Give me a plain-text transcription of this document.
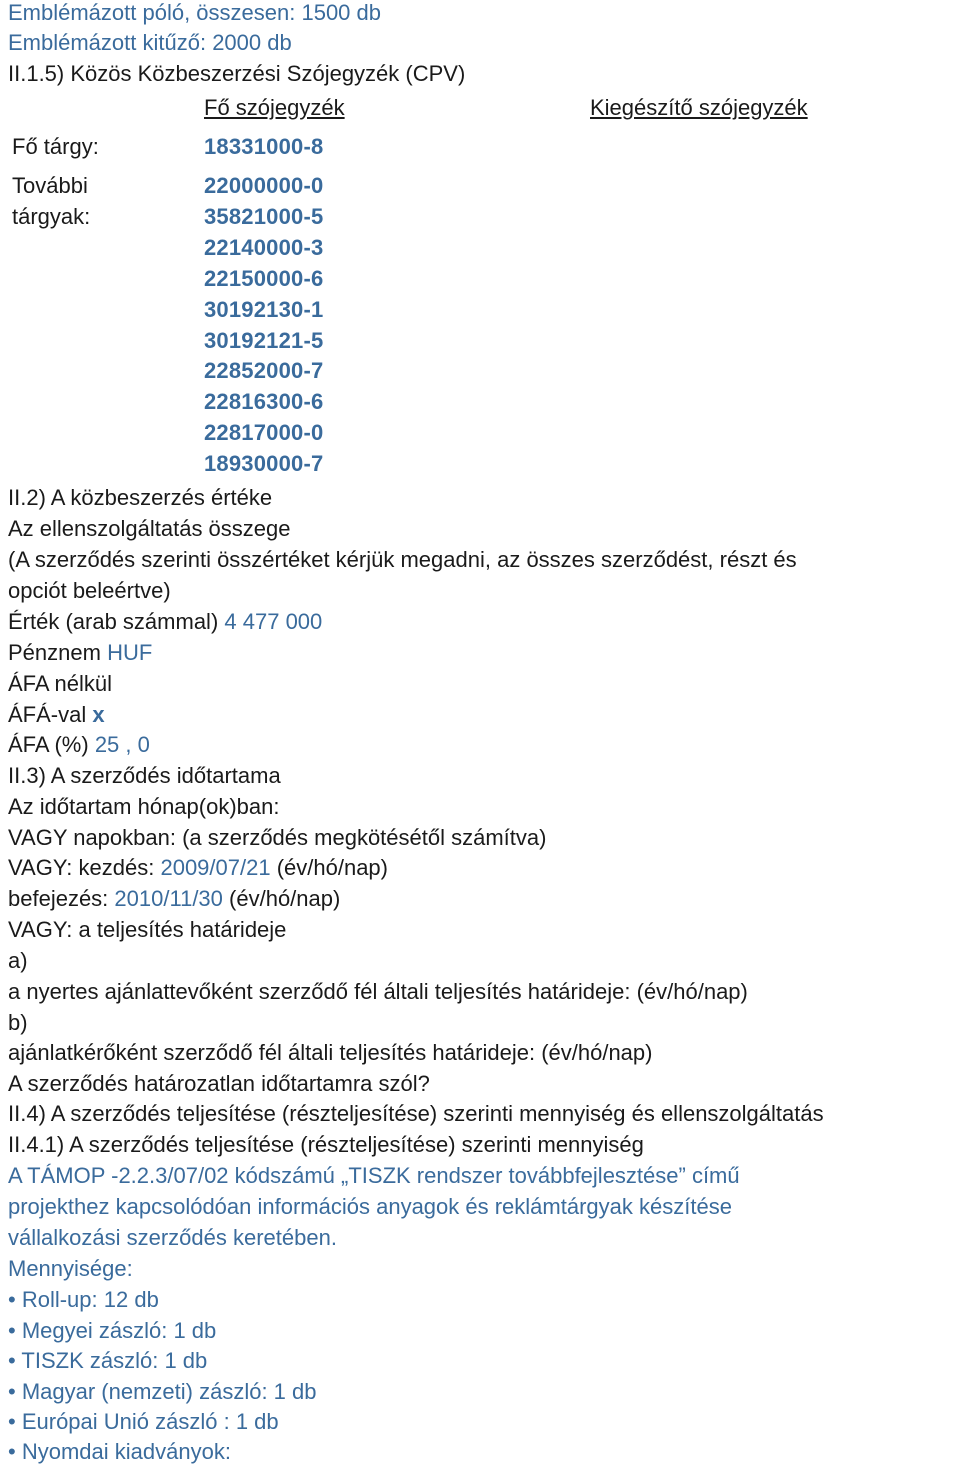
Emblémázott póló, összesen: 1500 db
Emblémázott kitűző: 2000 db
II.1.5) Közös Közbeszerzési Szójegyzék (CPV)
Fő szójegyzék	Kiegészítő szójegyzék
Fő tárgy:	18331000-8
További
tárgyak:
22000000-0
35821000-5
22140000-3
22150000-6
30192130-1
30192121-5
22852000-7
22816300-6
22817000-0
18930000-7
II.2) A közbeszerzés értéke
Az ellenszolgáltatás összege
(A szerződés szerinti összértéket kérjük megadni, az összes szerződést, részt és
opciót beleértve)
Érték (arab számmal) 4 477 000
Pénznem HUF
ÁFA nélkül
ÁFÁ-val x
ÁFA (%) 25 , 0
II.3) A szerződés időtartama
Az időtartam hónap(ok)ban:
VAGY napokban: (a szerződés megkötésétől számítva)
VAGY: kezdés: 2009/07/21 (év/hó/nap)
befejezés: 2010/11/30 (év/hó/nap)
VAGY: a teljesítés határideje
a)
a nyertes ajánlattevőként szerződő fél általi teljesítés határideje: (év/hó/nap)
b)
ajánlatkérőként szerződő fél általi teljesítés határideje: (év/hó/nap)
A szerződés határozatlan időtartamra szól?
II.4) A szerződés teljesítése (részteljesítése) szerinti mennyiség és ellenszolgáltatás
II.4.1) A szerződés teljesítése (részteljesítése) szerinti mennyiség
A TÁMOP -2.2.3/07/02 kódszámú „TISZK rendszer továbbfejlesztése” című
projekthez kapcsolódóan információs anyagok és reklámtárgyak készítése
vállalkozási szerződés keretében.
Mennyisége:
• Roll-up: 12 db
• Megyei zászló: 1 db
• TISZK zászló: 1 db
• Magyar (nemzeti) zászló: 1 db
• Európai Unió zászló : 1 db
• Nyomdai kiadványok:
